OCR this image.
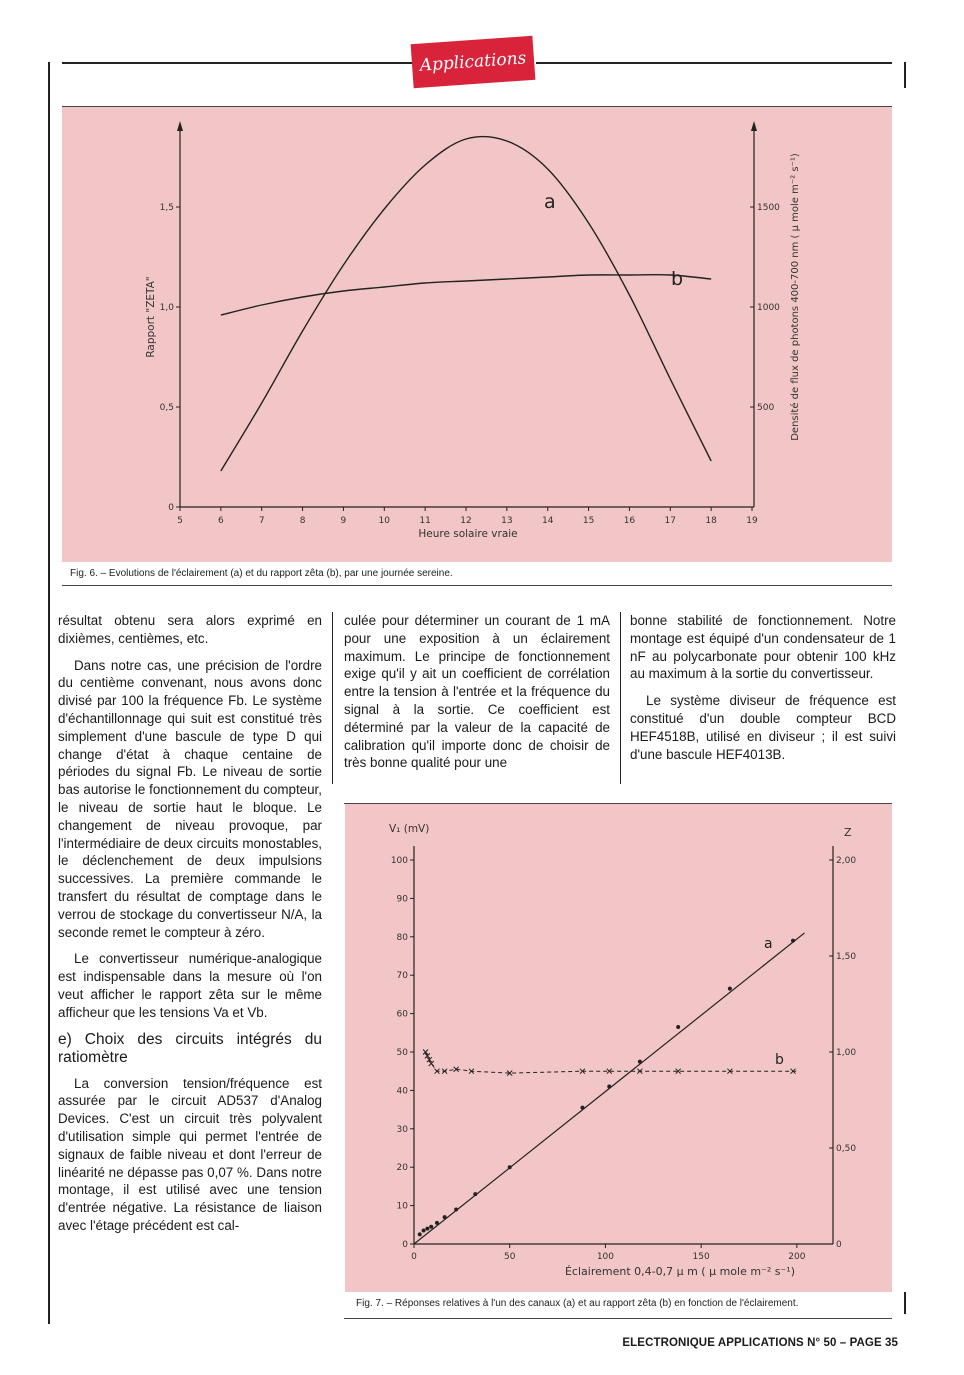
Applications
5	6	7	8	9	10	11	12	13	14	15	16	17	18	19
0
0,5
1,0
1,5
500
1000
1500
Heure solaire vraie
Rapport "ZETA"	Densité de flux de photons 400-700 nm ( µ mole m⁻² s⁻¹)
a
b
Fig. 6. – Evolutions de l'éclairement (a) et du rapport zêta (b), par une journée sereine.

résultat obtenu sera alors exprimé en dixièmes, centièmes, etc.

Dans notre cas, une précision de l'ordre du centième convenant, nous avons donc divisé par 100 la fréquence Fb. Le système d'échantillonnage qui suit est constitué très simplement d'une bascule de type D qui change d'état à chaque centaine de périodes du signal Fb. Le niveau de sortie bas autorise le fonctionnement du compteur, le niveau de sortie haut le bloque. Le changement de niveau provoque, par l'intermédiaire de deux circuits monostables, le déclenchement de deux impulsions successives. La première commande le transfert du résultat de comptage dans le verrou de stockage du convertisseur N/A, la seconde remet le compteur à zéro.

Le convertisseur numérique-analogique est indispensable dans la mesure où l'on veut afficher le rapport zêta sur le même afficheur que les tensions Va et Vb.

e) Choix des circuits intégrés du ratiomètre

La conversion tension/fréquence est assurée par le circuit AD537 d'Analog Devices. C'est un circuit très polyvalent d'utilisation simple qui permet l'entrée de signaux de faible niveau et dont l'erreur de linéarité ne dépasse pas 0,07 %. Dans notre montage, il est utilisé avec une tension d'entrée négative. La résistance de liaison avec l'étage précédent est cal-

culée pour déterminer un courant de 1 mA pour une exposition à un éclairement maximum. Le principe de fonctionnement exige qu'il y ait un coefficient de corrélation entre la tension à l'entrée et la fréquence du signal à la sortie. Ce coefficient est déterminé par la valeur de la capacité de calibration qu'il importe donc de choisir de très bonne qualité pour une

bonne stabilité de fonctionnement. Notre montage est équipé d'un condensateur de 1 nF au polycarbonate pour obtenir 100 kHz au maximum à la sortie du convertisseur.

Le système diviseur de fréquence est constitué d'un double compteur BCD HEF4518B, utilisé en diviseur ; il est suivi d'une bascule HEF4013B.

0	50	100	150	200
0
10
20
30
40
50
60
70
80
90
100
0
0,50
1,00
1,50
2,00
V₁ (mV)	Z
Éclairement 0,4-0,7 µ m ( µ mole m⁻² s⁻¹)
a
b
Fig. 7. – Réponses relatives à l'un des canaux (a) et au rapport zêta (b) en fonction de l'éclairement.
ELECTRONIQUE APPLICATIONS N° 50 – PAGE 35
